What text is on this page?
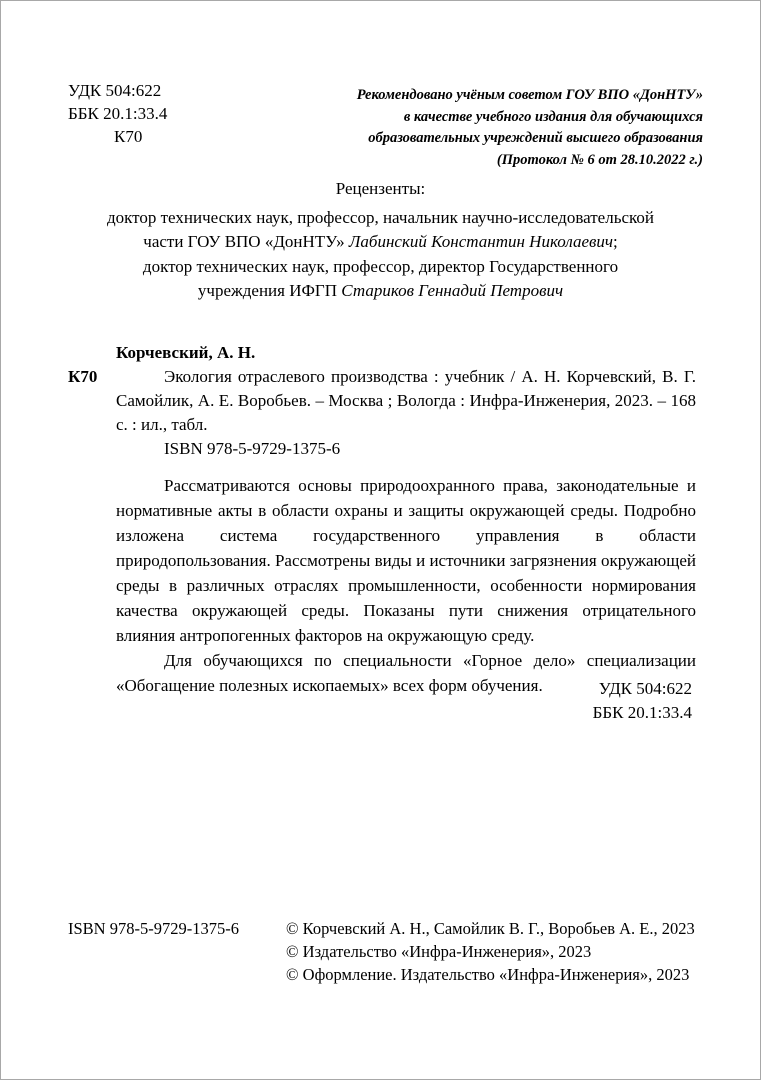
УДК 504:622
ББК 20.1:33.4
К70
Рекомендовано учёным советом ГОУ ВПО «ДонНТУ»
в качестве учебного издания для обучающихся
образовательных учреждений высшего образования
(Протокол № 6 от 28.10.2022 г.)
Рецензенты:
доктор технических наук, профессор, начальник научно-исследовательской
части ГОУ ВПО «ДонНТУ» Лабинский Константин Николаевич;
доктор технических наук, профессор, директор Государственного
учреждения ИФГП Стариков Геннадий Петрович
Корчевский, А. Н.
К70	Экология отраслевого производства : учебник / А. Н. Корчевский, В. Г. Самойлик, А. Е. Воробьев. – Москва ; Вологда : Инфра-Инженерия, 2023. – 168 с. : ил., табл.

ISBN 978-5-9729-1375-6

Рассматриваются основы природоохранного права, законодательные и нормативные акты в области охраны и защиты окружающей среды. Подробно изложена система государственного управления в области природопользования. Рассмотрены виды и источники загрязнения окружающей среды в различных отраслях промышленности, особенности нормирования качества окружающей среды. Показаны пути снижения отрицательного влияния антропогенных факторов на окружающую среду.

Для обучающихся по специальности «Горное дело» специализации «Обогащение полезных ископаемых» всех форм обучения.	УДК 504:622
ББК 20.1:33.4
ISBN 978-5-9729-1375-6	© Корчевский А. Н., Самойлик В. Г., Воробьев А. Е., 2023
© Издательство «Инфра-Инженерия», 2023
© Оформление. Издательство «Инфра-Инженерия», 2023
